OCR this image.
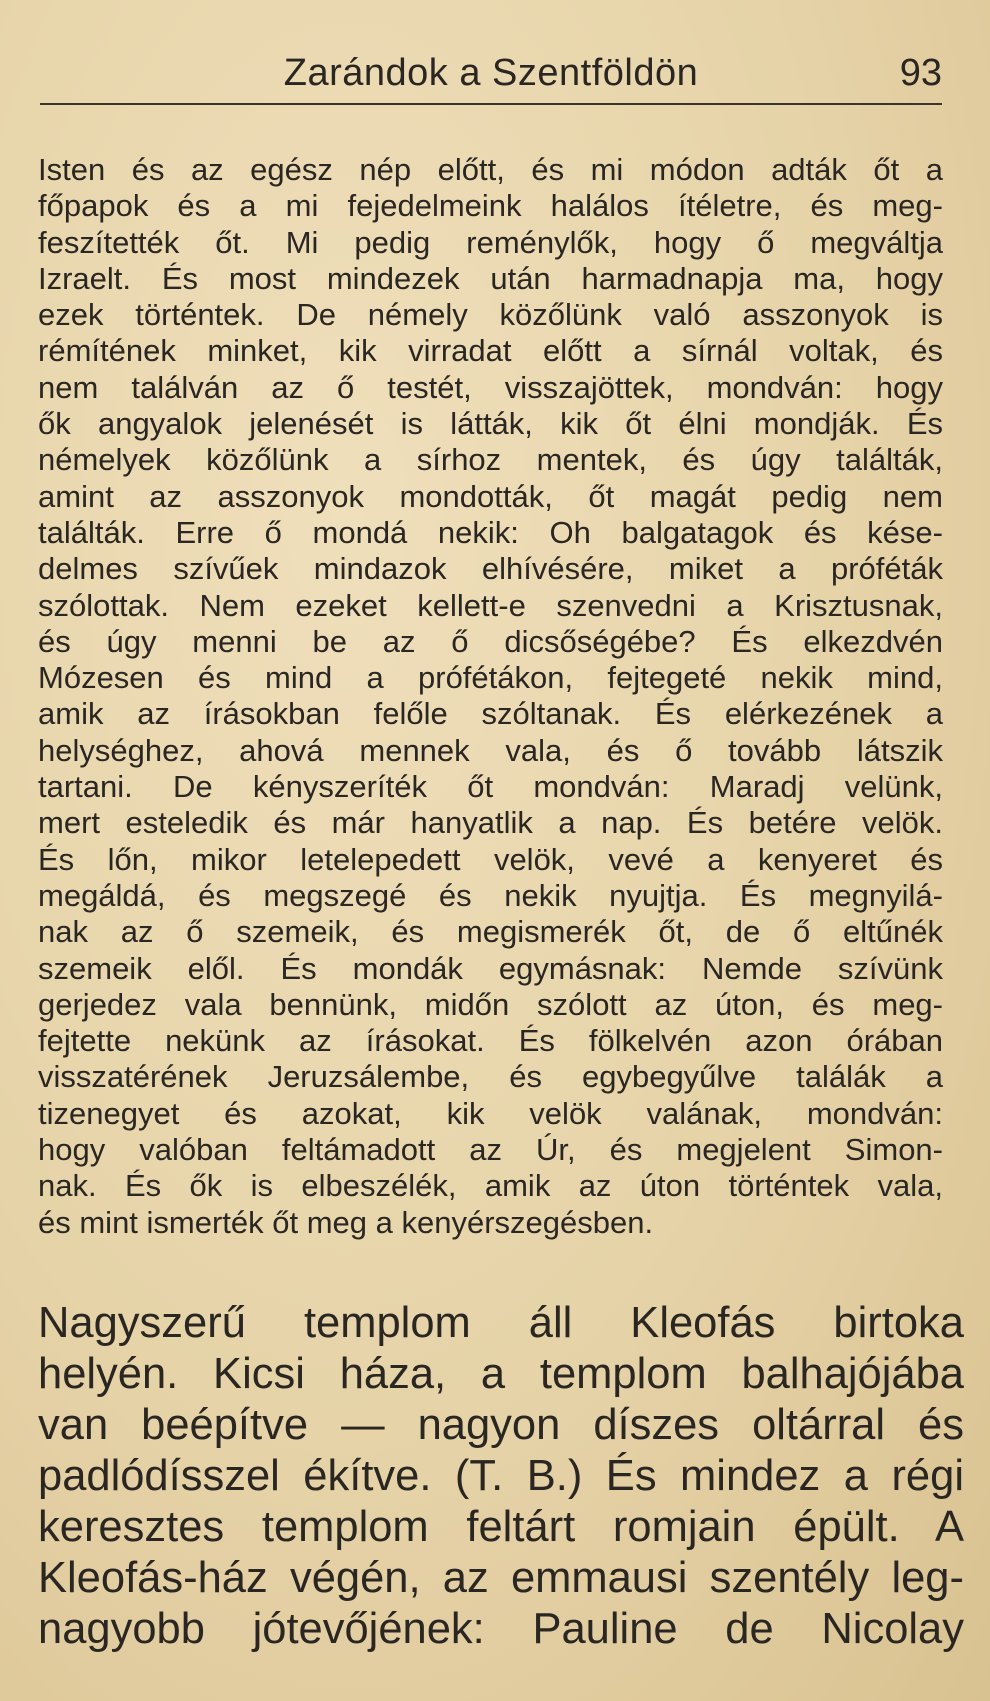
Zarándok a Szentföldön	93
Isten és az egész nép előtt, és mi módon adták őt a
főpapok és a mi fejedelmeink halálos ítéletre, és meg-
feszítették őt. Mi pedig reménylők, hogy ő megváltja
Izraelt. És most mindezek után harmadnapja ma, hogy
ezek történtek. De némely közőlünk való asszonyok is
rémítének minket, kik virradat előtt a sírnál voltak, és
nem találván az ő testét, visszajöttek, mondván: hogy
ők angyalok jelenését is látták, kik őt élni mondják. És
némelyek közőlünk a sírhoz mentek, és úgy találták,
amint az asszonyok mondották, őt magát pedig nem
találták. Erre ő mondá nekik: Oh balgatagok és kése-
delmes szívűek mindazok elhívésére, miket a próféták
szólottak. Nem ezeket kellett-e szenvedni a Krisztusnak,
és úgy menni be az ő dicsőségébe? És elkezdvén
Mózesen és mind a prófétákon, fejtegeté nekik mind,
amik az írásokban felőle szóltanak. És elérkezének a
helységhez, ahová mennek vala, és ő tovább látszik
tartani. De kényszeríték őt mondván: Maradj velünk,
mert esteledik és már hanyatlik a nap. És betére velök.
És lőn, mikor letelepedett velök, vevé a kenyeret és
megáldá, és megszegé és nekik nyujtja. És megnyilá-
nak az ő szemeik, és megismerék őt, de ő eltűnék
szemeik elől. És mondák egymásnak: Nemde szívünk
gerjedez vala bennünk, midőn szólott az úton, és meg-
fejtette nekünk az írásokat. És fölkelvén azon órában
visszatérének Jeruzsálembe, és egybegyűlve találák a
tizenegyet és azokat, kik velök valának, mondván:
hogy valóban feltámadott az Úr, és megjelent Simon-
nak. És ők is elbeszélék, amik az úton történtek vala,
és mint ismerték őt meg a kenyérszegésben.
Nagyszerű templom áll Kleofás birtoka
helyén. Kicsi háza, a templom balhajójába
van beépítve — nagyon díszes oltárral és
padlódísszel ékítve. (T. B.) És mindez a régi
keresztes templom feltárt romjain épült. A
Kleofás-ház végén, az emmausi szentély leg-
nagyobb jótevőjének: Pauline de Nicolay
